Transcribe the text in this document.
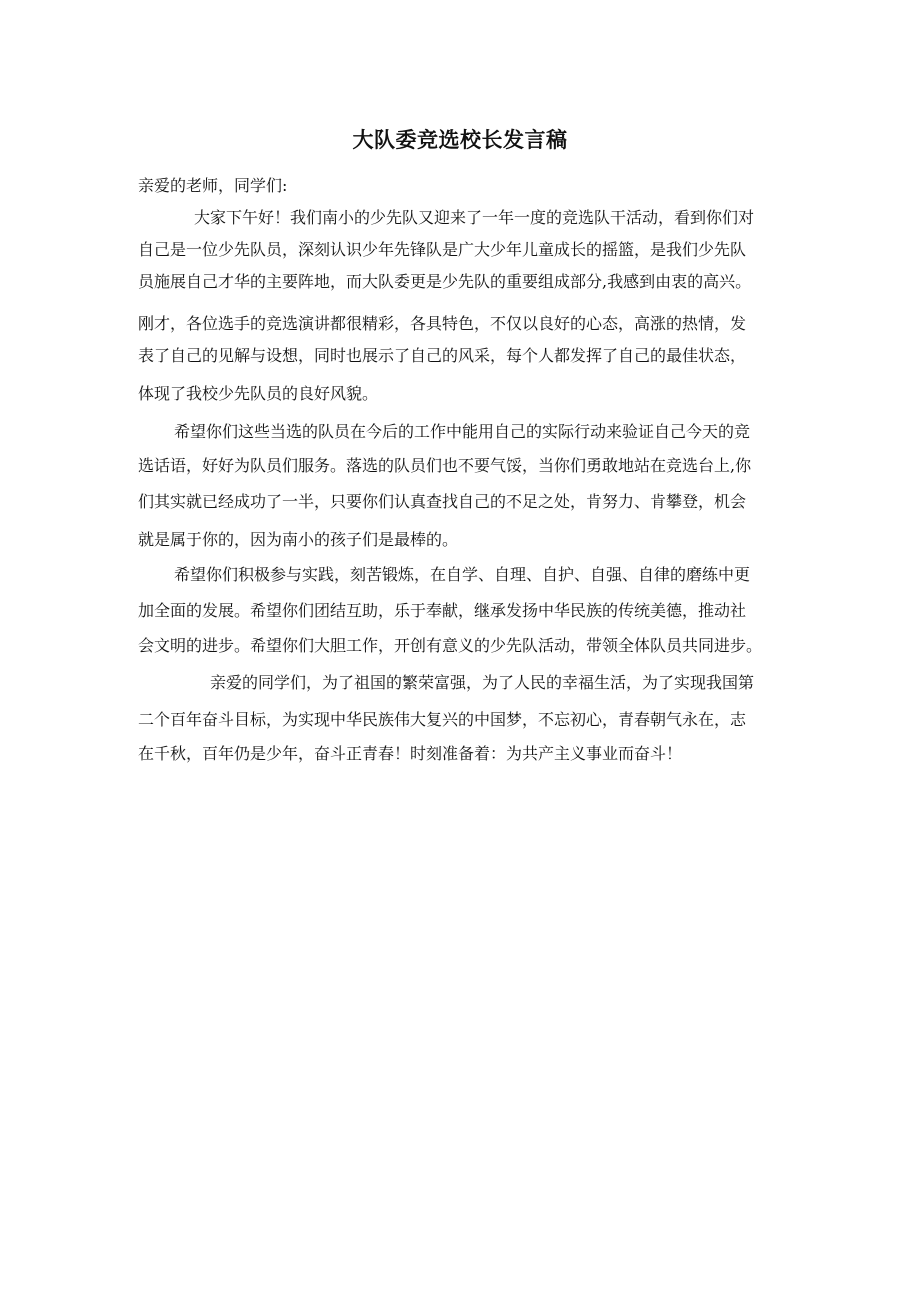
大队委竞选校长发言稿
亲爱的老师，同学们:
大家下午好！我们南小的少先队又迎来了一年一度的竞选队干活动，看到你们对
自己是一位少先队员，深刻认识少年先锋队是广大少年儿童成长的摇篮，是我们少先队
员施展自己才华的主要阵地，而大队委更是少先队的重要组成部分,我感到由衷的高兴。
刚才，各位选手的竞选演讲都很精彩，各具特色，不仅以良好的心态，高涨的热情，发
表了自己的见解与设想，同时也展示了自己的风采，每个人都发挥了自己的最佳状态，
体现了我校少先队员的良好风貌。
希望你们这些当选的队员在今后的工作中能用自己的实际行动来验证自己今天的竞
选话语，好好为队员们服务。落选的队员们也不要气馁，当你们勇敢地站在竞选台上,你
们其实就已经成功了一半，只要你们认真查找自己的不足之处，肯努力、肯攀登，机会
就是属于你的，因为南小的孩子们是最棒的。
希望你们积极参与实践，刻苦锻炼，在自学、自理、自护、自强、自律的磨练中更
加全面的发展。希望你们团结互助，乐于奉献，继承发扬中华民族的传统美德，推动社
会文明的进步。希望你们大胆工作，开创有意义的少先队活动，带领全体队员共同进步。
亲爱的同学们，为了祖国的繁荣富强，为了人民的幸福生活，为了实现我国第
二个百年奋斗目标，为实现中华民族伟大复兴的中国梦，不忘初心，青春朝气永在，志
在千秋，百年仍是少年，奋斗正青春！时刻准备着：为共产主义事业而奋斗！
